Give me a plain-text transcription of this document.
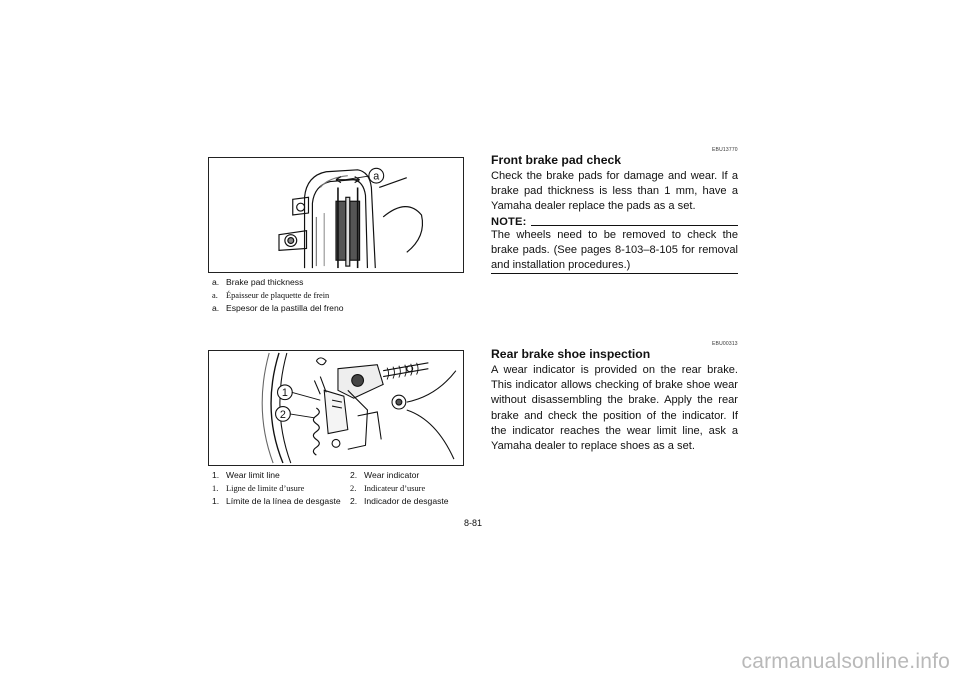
a
a. Brake pad thickness
a. Épaisseur de plaquette de frein
a. Espesor de la pastilla del freno
1
2
1. Wear limit line	2. Wear indicator
1. Ligne de limite d’usure	2. Indicateur d’usure
1. Límite de la línea de desgaste 2. Indicador de desgaste
EBU13770
Front brake pad check
Check the brake pads for damage and wear. If a brake pad thickness is less than 1 mm, have a Yamaha dealer replace the pads as a set.
NOTE:
The wheels need to be removed to check the brake pads. (See pages 8-103–8-105 for removal and installation procedures.)
EBU00313
Rear brake shoe inspection
A wear indicator is provided on the rear brake. This indicator allows checking of brake shoe wear without disassembling the brake. Apply the rear brake and check the position of the indicator. If the indicator reaches the wear limit line, ask a Yamaha dealer to replace shoes as a set.
8-81
carmanualsonline.info
